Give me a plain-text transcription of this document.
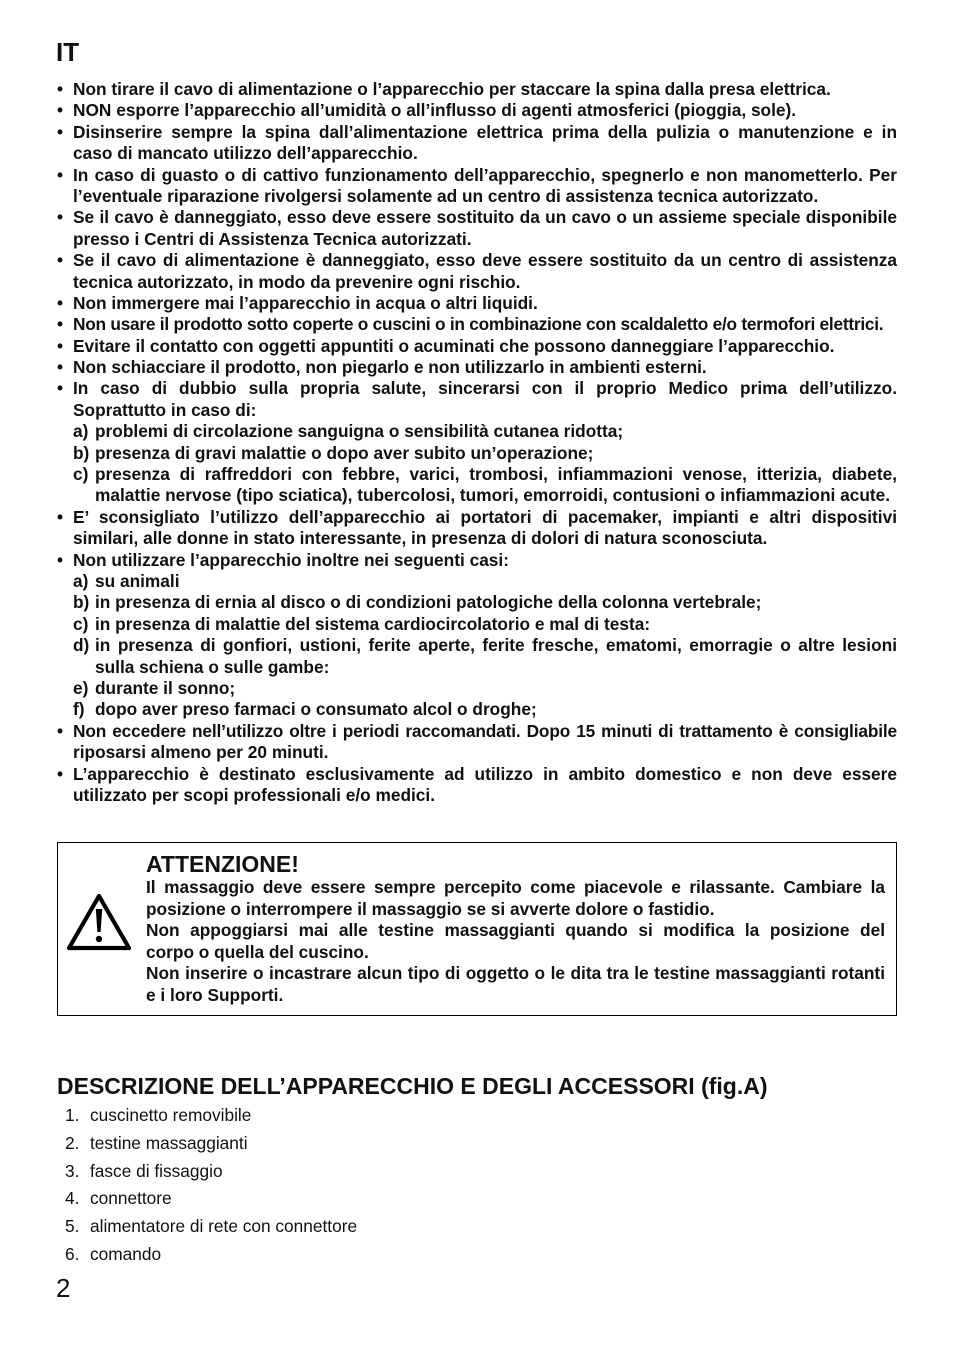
IT
• Non tirare il cavo di alimentazione o l’apparecchio per staccare la spina dalla presa elettrica.
• NON esporre l’apparecchio all’umidità o all’influsso di agenti atmosferici (pioggia, sole).
• Disinserire sempre la spina dall’alimentazione elettrica prima della pulizia o manutenzione e in
caso di mancato utilizzo dell’apparecchio.
• In caso di guasto o di cattivo funzionamento dell’apparecchio, spegnerlo e non manometterlo. Per
l’eventuale riparazione rivolgersi solamente ad un centro di assistenza tecnica autorizzato.
• Se il cavo è danneggiato, esso deve essere sostituito da un cavo o un assieme speciale disponibile
presso i Centri di Assistenza Tecnica autorizzati.
• Se il cavo di alimentazione è danneggiato, esso deve essere sostituito da un centro di assistenza
tecnica autorizzato, in modo da prevenire ogni rischio.
• Non immergere mai l’apparecchio in acqua o altri liquidi.
• Non usare il prodotto sotto coperte o cuscini o in combinazione con scaldaletto e/o termofori elettrici.
• Evitare il contatto con oggetti appuntiti o acuminati che possono danneggiare l’apparecchio.
• Non schiacciare il prodotto, non piegarlo e non utilizzarlo in ambienti esterni.
• In caso di dubbio sulla propria salute, sincerarsi con il proprio Medico prima dell’utilizzo.
Soprattutto in caso di:
a) problemi di circolazione sanguigna o sensibilità cutanea ridotta;
b) presenza di gravi malattie o dopo aver subito un’operazione;
c) presenza di raffreddori con febbre, varici, trombosi, infiammazioni venose, itterizia, diabete,
malattie nervose (tipo sciatica), tubercolosi, tumori, emorroidi, contusioni o infiammazioni acute.
• E’ sconsigliato l’utilizzo dell’apparecchio ai portatori di pacemaker, impianti e altri dispositivi
similari, alle donne in stato interessante, in presenza di dolori di natura sconosciuta.
• Non utilizzare l’apparecchio inoltre nei seguenti casi:
a) su animali
b) in presenza di ernia al disco o di condizioni patologiche della colonna vertebrale;
c) in presenza di malattie del sistema cardiocircolatorio e mal di testa:
d) in presenza di gonfiori, ustioni, ferite aperte, ferite fresche, ematomi, emorragie o altre lesioni
sulla schiena o sulle gambe:
e) durante il sonno;
f) dopo aver preso farmaci o consumato alcol o droghe;
• Non eccedere nell’utilizzo oltre i periodi raccomandati. Dopo 15 minuti di trattamento è consigliabile
riposarsi almeno per 20 minuti.
• L’apparecchio è destinato esclusivamente ad utilizzo in ambito domestico e non deve essere
utilizzato per scopi professionali e/o medici.
ATTENZIONE!
Il massaggio deve essere sempre percepito come piacevole e rilassante. Cambiare la
posizione o interrompere il massaggio se si avverte dolore o fastidio.
Non appoggiarsi mai alle testine massaggianti quando si modifica la posizione del
corpo o quella del cuscino.
Non inserire o incastrare alcun tipo di oggetto o le dita tra le testine massaggianti rotanti
e i loro Supporti.
DESCRIZIONE DELL’APPARECCHIO E DEGLI ACCESSORI (fig.A)
1. cuscinetto removibile
2. testine massaggianti
3. fasce di fissaggio
4. connettore
5. alimentatore di rete con connettore
6. comando
2
